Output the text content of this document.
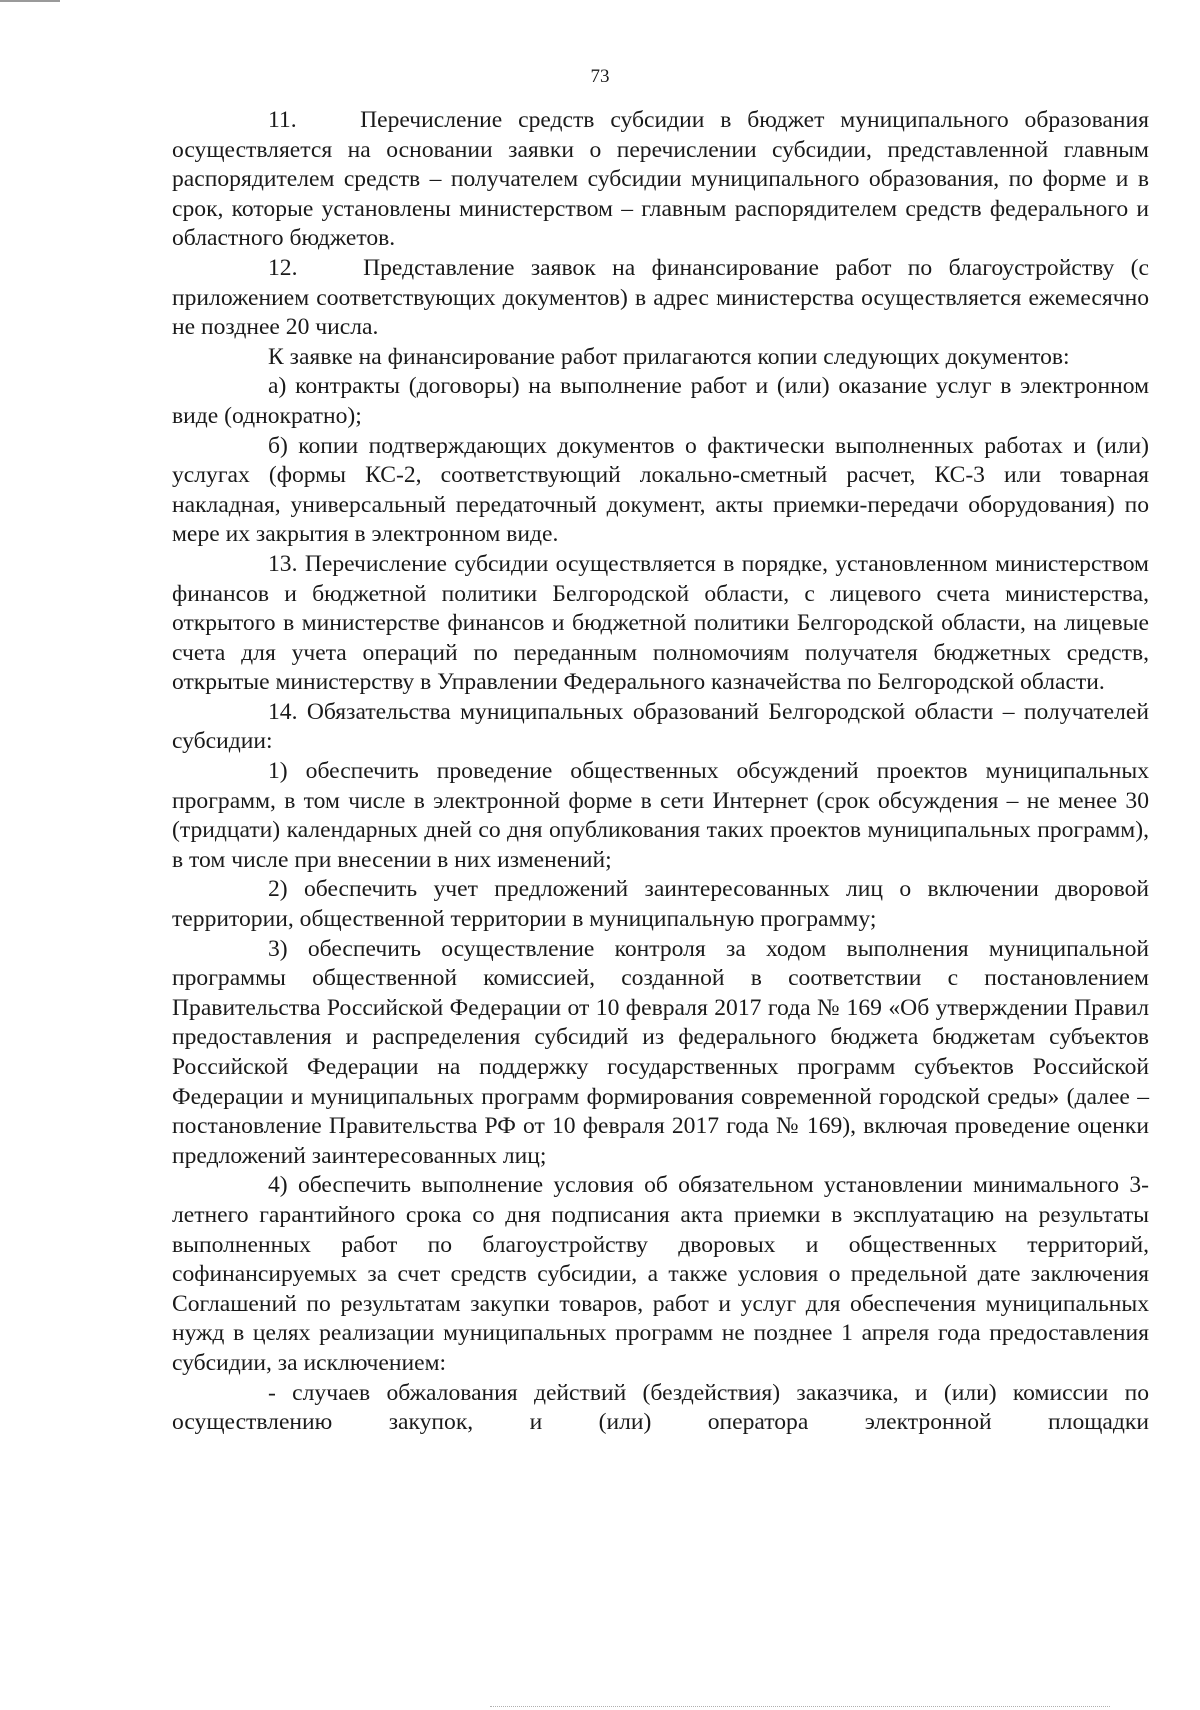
73

11.    Перечисление средств субсидии в бюджет муниципального образования осуществляется на основании заявки о перечислении субсидии, представленной главным распорядителем средств – получателем субсидии муниципального образования, по форме и в срок, которые установлены министерством – главным распорядителем средств федерального и областного бюджетов.

12.    Представление заявок на финансирование работ по благоустройству (с приложением соответствующих документов) в адрес министерства осуществляется ежемесячно не позднее 20 числа.

К заявке на финансирование работ прилагаются копии следующих документов:

а) контракты (договоры) на выполнение работ и (или) оказание услуг в электронном виде (однократно);

б) копии подтверждающих документов о фактически выполненных работах и (или) услугах (формы КС-2, соответствующий локально-сметный расчет, КС-3 или товарная накладная, универсальный передаточный документ, акты приемки-передачи оборудования) по мере их закрытия в электронном виде.

13. Перечисление субсидии осуществляется в порядке, установленном министерством финансов и бюджетной политики Белгородской области, с лицевого счета министерства, открытого в министерстве финансов и бюджетной политики Белгородской области, на лицевые счета для учета операций по переданным полномочиям получателя бюджетных средств, открытые министерству в Управлении Федерального казначейства по Белгородской области.

14. Обязательства муниципальных образований Белгородской области – получателей субсидии:

1) обеспечить проведение общественных обсуждений проектов муниципальных программ, в том числе в электронной форме в сети Интернет (срок обсуждения – не менее 30 (тридцати) календарных дней со дня опубликования таких проектов муниципальных программ), в том числе при внесении в них изменений;

2) обеспечить учет предложений заинтересованных лиц о включении дворовой территории, общественной территории в муниципальную программу;

3) обеспечить осуществление контроля за ходом выполнения муниципальной программы общественной комиссией, созданной в соответствии с постановлением Правительства Российской Федерации от 10 февраля 2017 года № 169 «Об утверждении Правил предоставления и распределения субсидий из федерального бюджета бюджетам субъектов Российской Федерации на поддержку государственных программ субъектов Российской Федерации и муниципальных программ формирования современной городской среды» (далее – постановление Правительства РФ от 10 февраля 2017 года № 169), включая проведение оценки предложений заинтересованных лиц;

4) обеспечить выполнение условия об обязательном установлении минимального 3-летнего гарантийного срока со дня подписания акта приемки в эксплуатацию на результаты выполненных работ по благоустройству дворовых и общественных территорий, софинансируемых за счет средств субсидии, а также условия о предельной дате заключения Соглашений по результатам закупки товаров, работ и услуг для обеспечения муниципальных нужд в целях реализации муниципальных программ не позднее 1 апреля года предоставления субсидии, за исключением:

- случаев обжалования действий (бездействия) заказчика, и (или) комиссии по осуществлению закупок, и (или) оператора электронной площадки
